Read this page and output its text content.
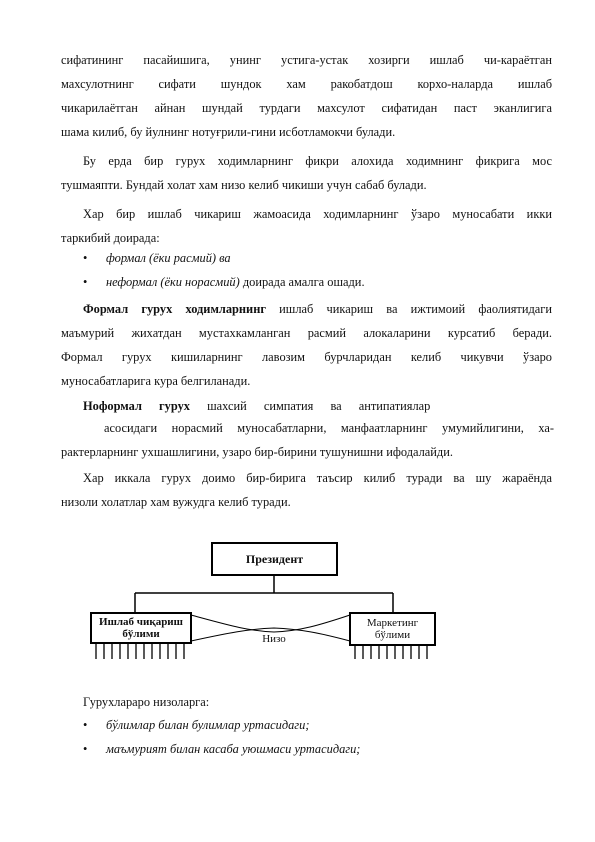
сифатининг пасайишига, унинг устига-устак хозирги ишлаб чи-караётган

махсулотнинг сифати шундок хам ракобатдош корхо-наларда ишлаб

чикарилаётган айнан шундай турдаги махсулот сифатидан паст эканлигига

шама килиб, бу йулнинг нотуғрили-гини исботламокчи булади.

Бу ерда бир гурух ходимларнинг фикри алохида ходимнинг фикрига мос

тушмаяпти. Бундай холат хам низо келиб чикиши учун сабаб булади.

Хар бир ишлаб чикариш жамоасида ходимларнинг ўзаро муносабати икки

таркибий доирада:

• формал (ёки расмий) ва
• неформал (ёки норасмий) доирада амалга ошади.

Формал гурух ходимларнинг ишлаб чикариш ва ижтимоий фаолиятидаги

маъмурий жихатдан мустахкамланган расмий алокаларини курсатиб беради.

Формал гурух кишиларнинг лавозим бурчларидан келиб чикувчи ўзаро

муносабатларига кура белгиланади.

Нoформал гурух шахсий симпатия ва антипатиялар

асосидаги норасмий муносабатларни, манфаатларнинг умумийлигини, ха-

рактерларнинг ухшашлигини, узаро бир-бирини тушунишни ифодалайди.

Хар иккала гурух доимо бир-бирига таъсир килиб туради ва шу жараёнда

низоли холатлар хам вужудга келиб туради.

Президент
Ишлаб чиқариш
бўлими
Маркетинг
бўлими
Низо

Гурухлараро низоларга:

• бўлимлар билан булимлар уртасидаги;
• маъмурият билан касаба уюшмаси уртасидаги;
